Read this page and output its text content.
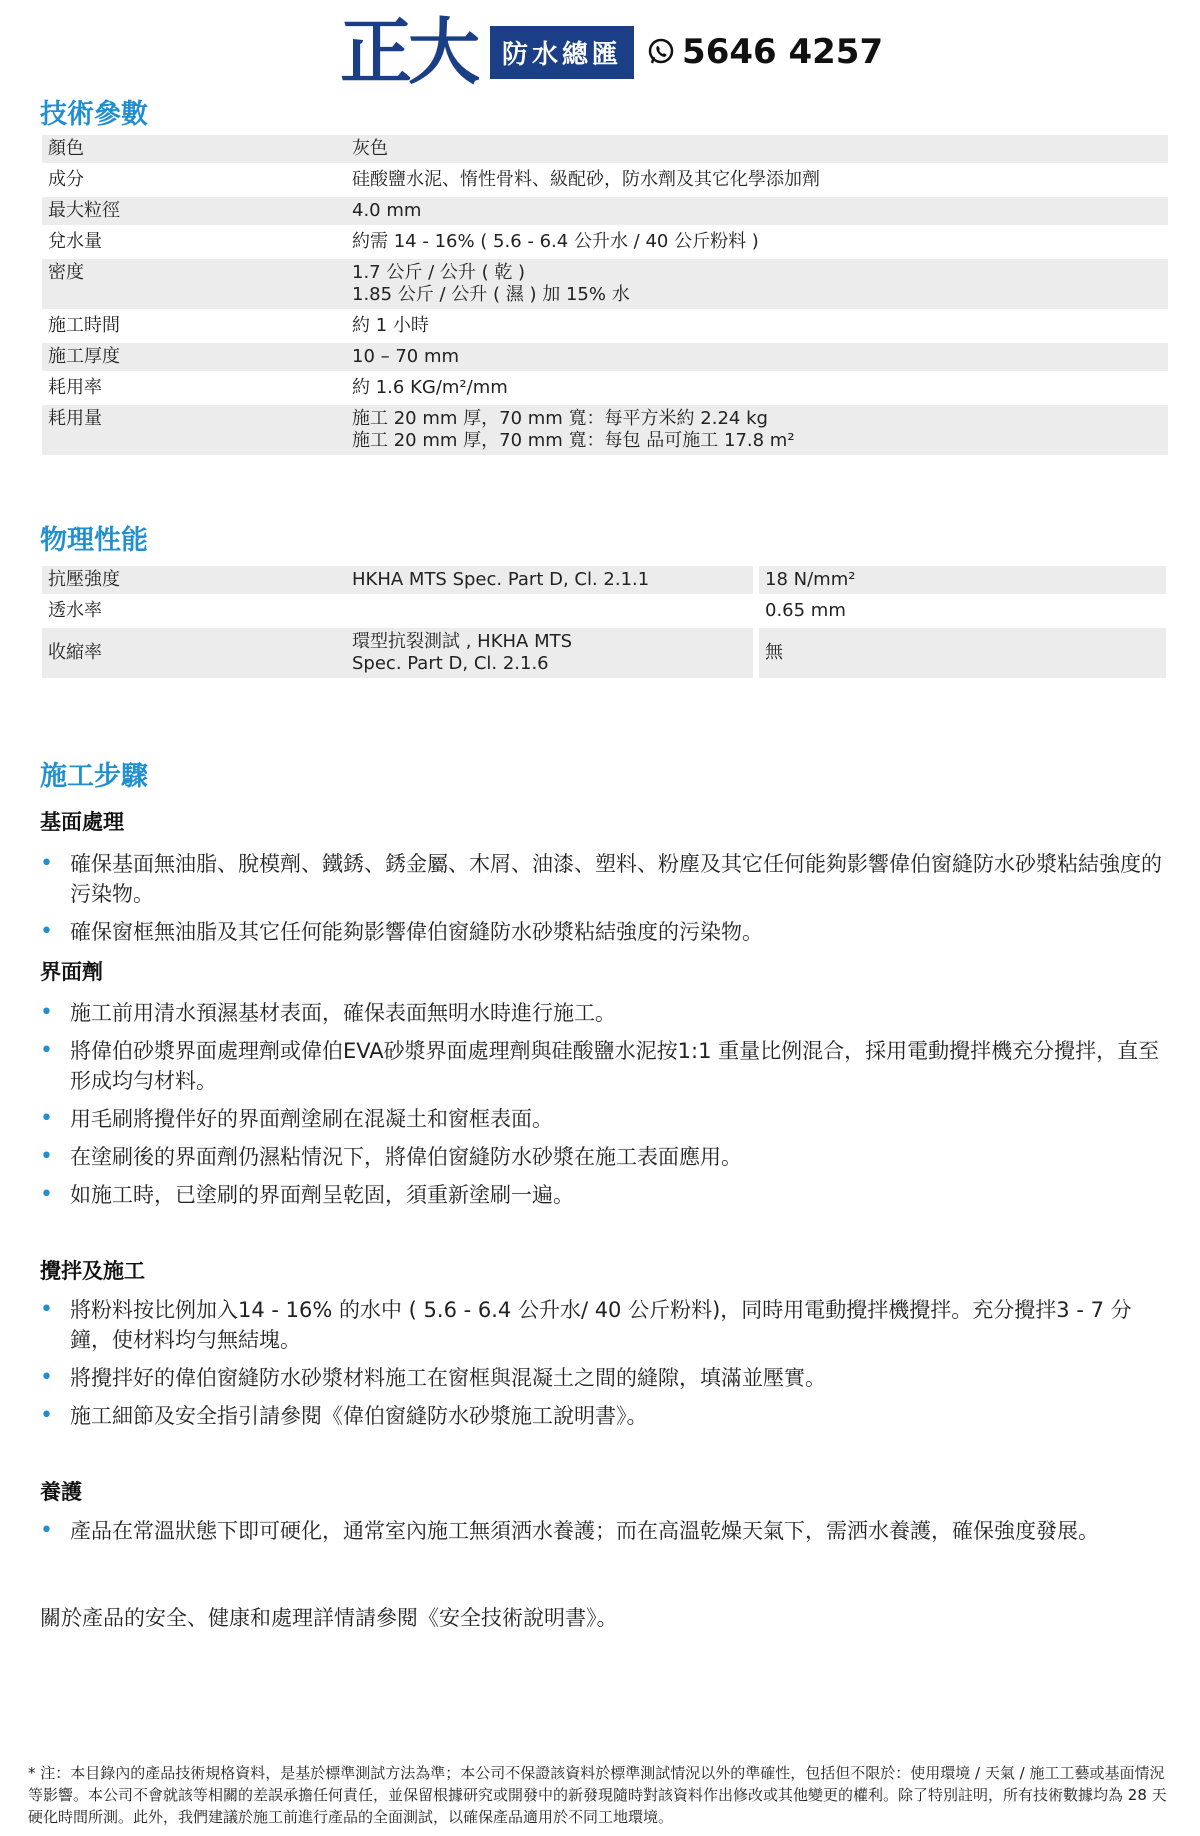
正大	防水總匯	5646 4257
技術參數
顏色	灰色
成分	硅酸鹽水泥、惰性骨料、級配砂，防水劑及其它化學添加劑
最大粒徑	4.0 mm
兌水量	約需 14 - 16% ( 5.6 - 6.4 公升水 / 40 公斤粉料 )
密度	1.7 公斤 / 公升 ( 乾 )
1.85 公斤 / 公升 ( 濕 ) 加 15% 水

施工時間	約 1 小時
施工厚度	10 – 70 mm
耗用率	約 1.6 KG/m²/mm
耗用量	施工 20 mm 厚，70 mm 寬：每平方米約 2.24 kg
施工 20 mm 厚，70 mm 寬：每包 品可施工 17.8 m²
物理性能
抗壓強度	HKHA MTS Spec. Part D, Cl. 2.1.1	18 N/mm²
透水率		0.65 mm
收縮率	環型抗裂測試 , HKHA MTS
Spec. Part D, Cl. 2.1.6	無
施工步驟
基面處理
• 確保基面無油脂、脫模劑、鐵銹、銹金屬、木屑、油漆、塑料、粉塵及其它任何能夠影響偉伯窗縫防水砂漿粘結強度的污染物。
• 確保窗框無油脂及其它任何能夠影響偉伯窗縫防水砂漿粘結強度的污染物。
界面劑
• 施工前用清水預濕基材表面，確保表面無明水時進行施工。
• 將偉伯砂漿界面處理劑或偉伯EVA砂漿界面處理劑與硅酸鹽水泥按1:1 重量比例混合，採用電動攪拌機充分攪拌，直至形成均勻材料。
• 用毛刷將攪伴好的界面劑塗刷在混凝土和窗框表面。
• 在塗刷後的界面劑仍濕粘情況下，將偉伯窗縫防水砂漿在施工表面應用。
• 如施工時，已塗刷的界面劑呈乾固，須重新塗刷一遍。
攪拌及施工
• 將粉料按比例加入14 - 16% 的水中 ( 5.6 - 6.4 公升水/ 40 公斤粉料)，同時用電動攪拌機攪拌。充分攪拌3 - 7 分鐘，使材料均勻無結塊。
• 將攪拌好的偉伯窗縫防水砂漿材料施工在窗框與混凝土之間的縫隙，填滿並壓實。
• 施工細節及安全指引請參閱《偉伯窗縫防水砂漿施工說明書》。
養護
• 產品在常溫狀態下即可硬化，通常室內施工無須洒水養護；而在高溫乾燥天氣下，需洒水養護，確保強度發展。
關於產品的安全、健康和處理詳情請參閱《安全技術說明書》。
* 注：本目錄內的產品技術規格資料，是基於標準測試方法為準；本公司不保證該資料於標準測試情況以外的準確性，包括但不限於：使用環境 / 天氣 / 施工工藝或基面情況等影響。本公司不會就該等相關的差誤承擔任何責任，並保留根據研究或開發中的新發現隨時對該資料作出修改或其他變更的權利。除了特別註明，所有技術數據均為 28 天硬化時間所測。此外，我們建議於施工前進行產品的全面測試，以確保產品適用於不同工地環境。
